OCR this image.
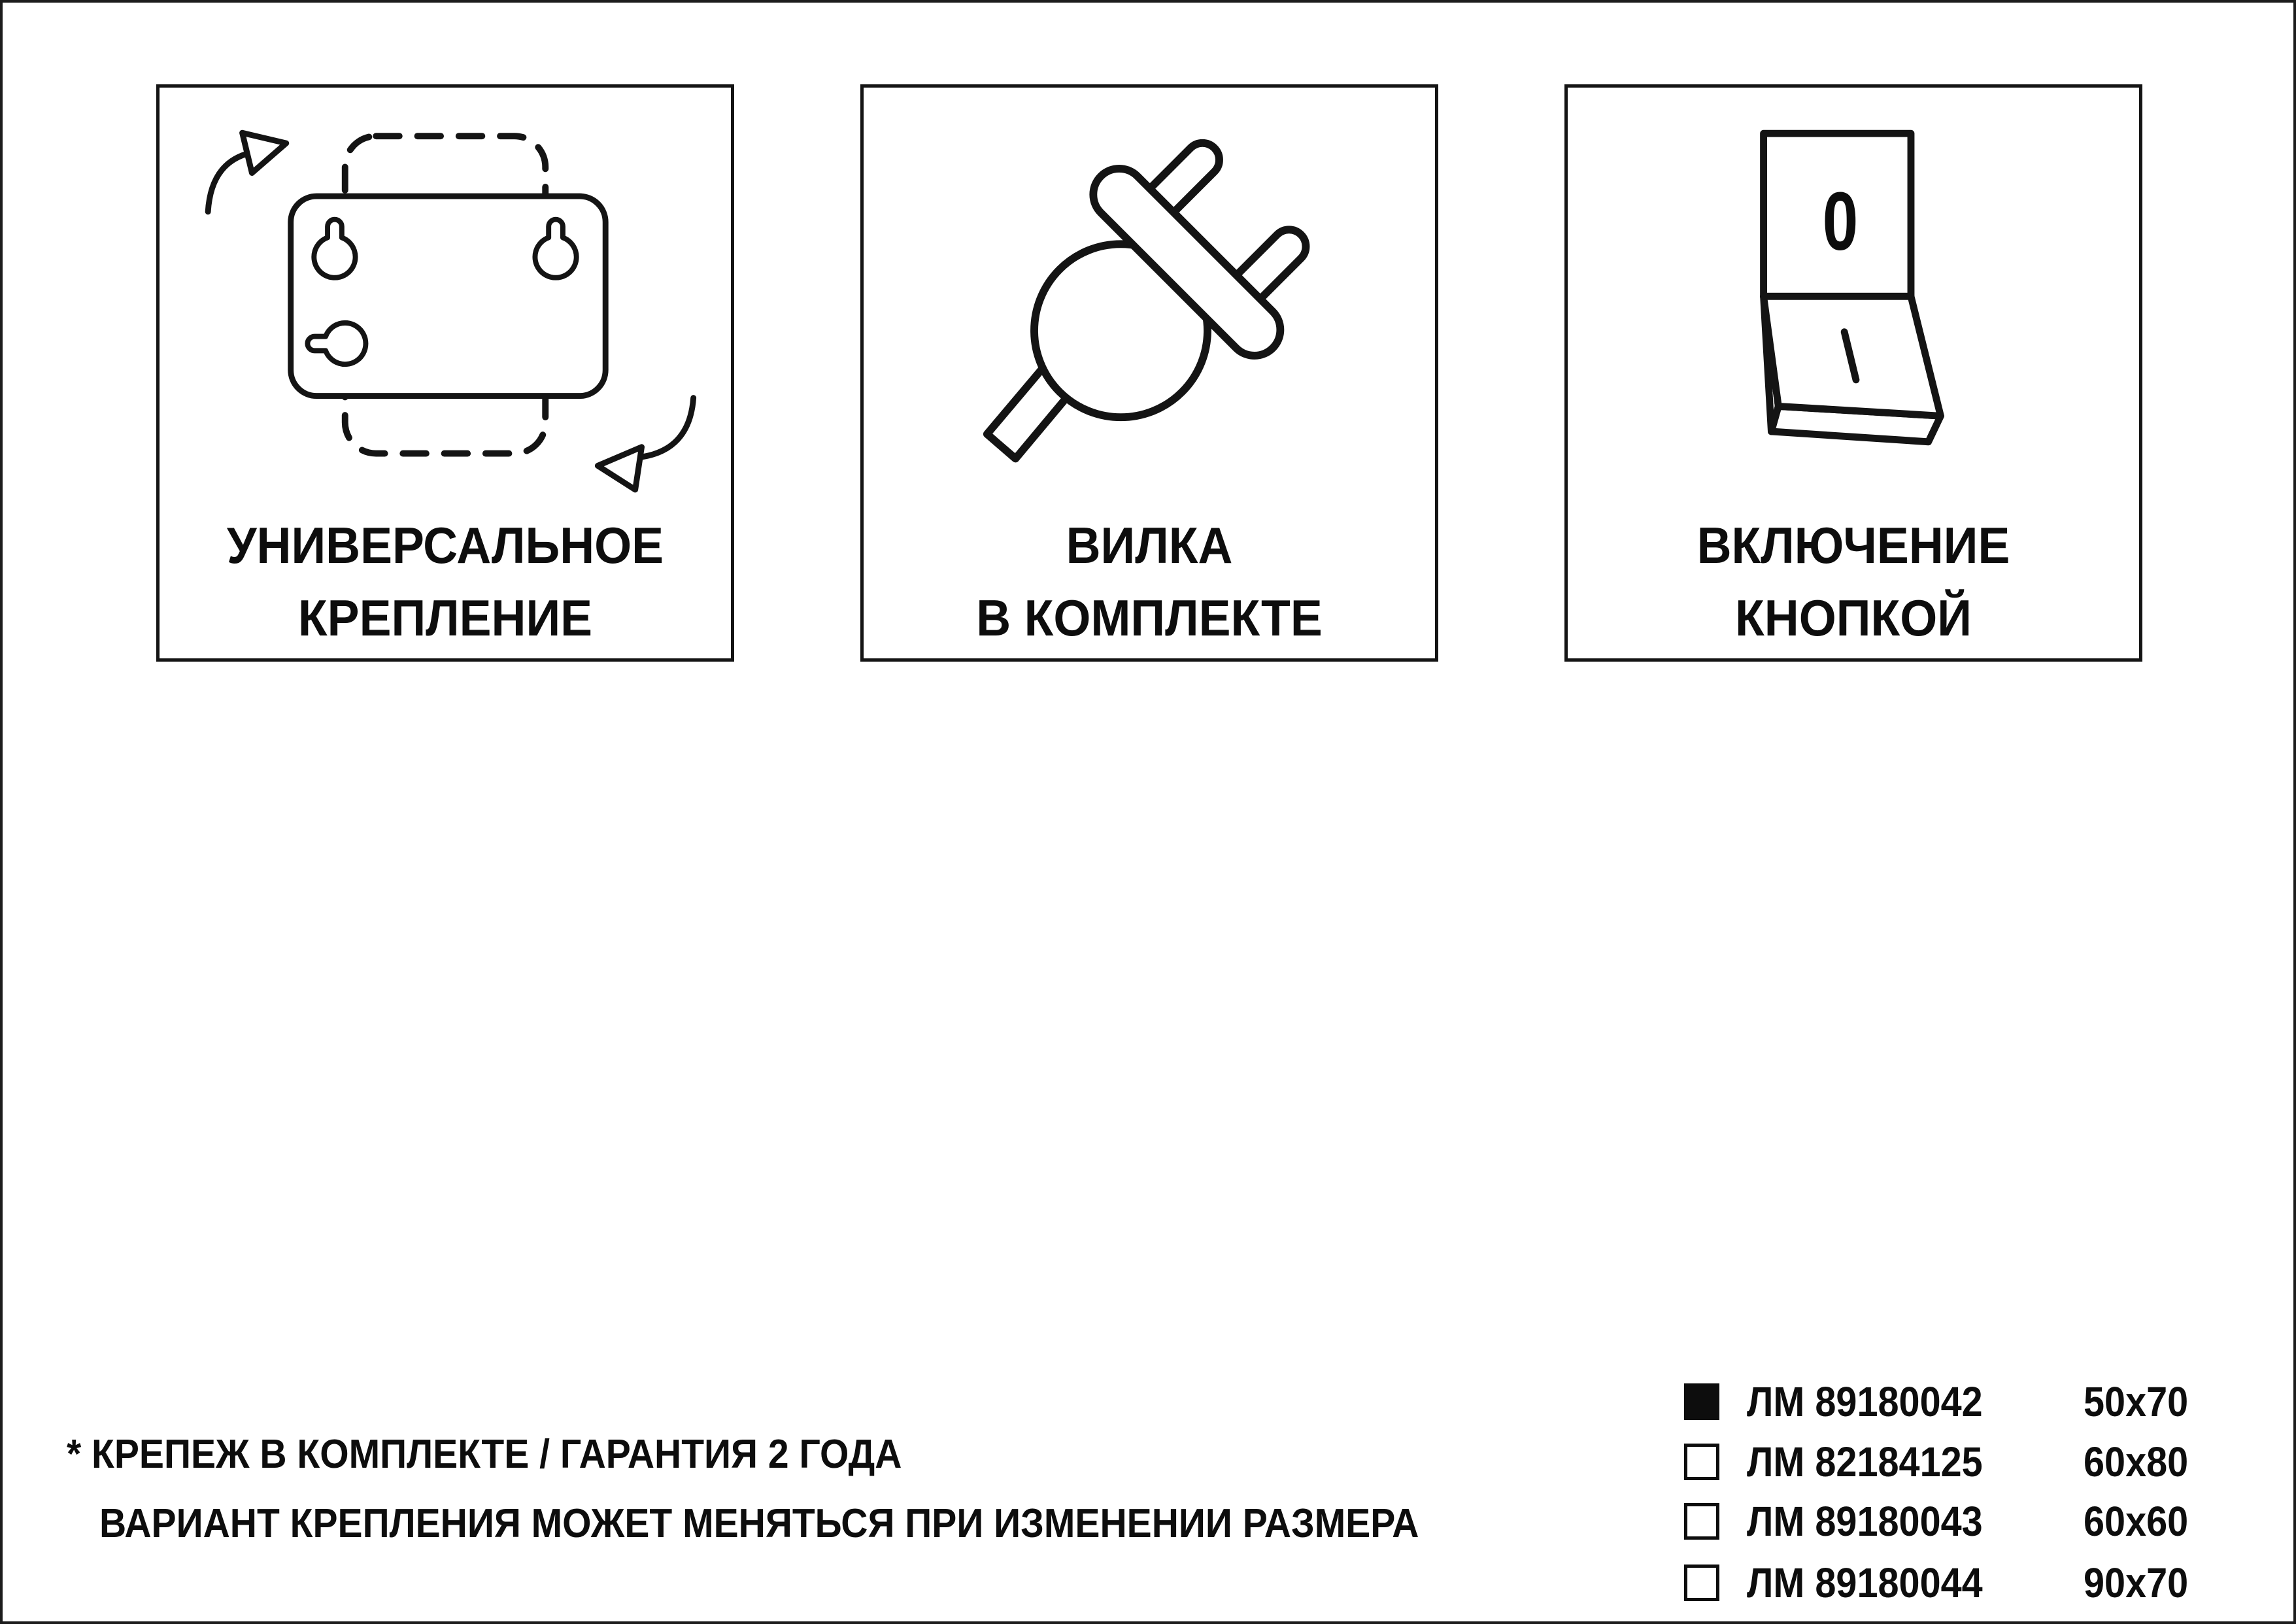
УНИВЕРСАЛЬНОЕ
КРЕПЛЕНИЕ
ВИЛКА
В КОМПЛЕКТЕ
0
ВКЛЮЧЕНИЕ
КНОПКОЙ
* КРЕПЕЖ В КОМПЛЕКТЕ / ГАРАНТИЯ 2 ГОДА
ВАРИАНТ КРЕПЛЕНИЯ МОЖЕТ МЕНЯТЬСЯ ПРИ ИЗМЕНЕНИИ РАЗМЕРА
ЛМ 89180042	50x70
ЛМ 82184125	60x80
ЛМ 89180043	60x60
ЛМ 89180044	90x70
